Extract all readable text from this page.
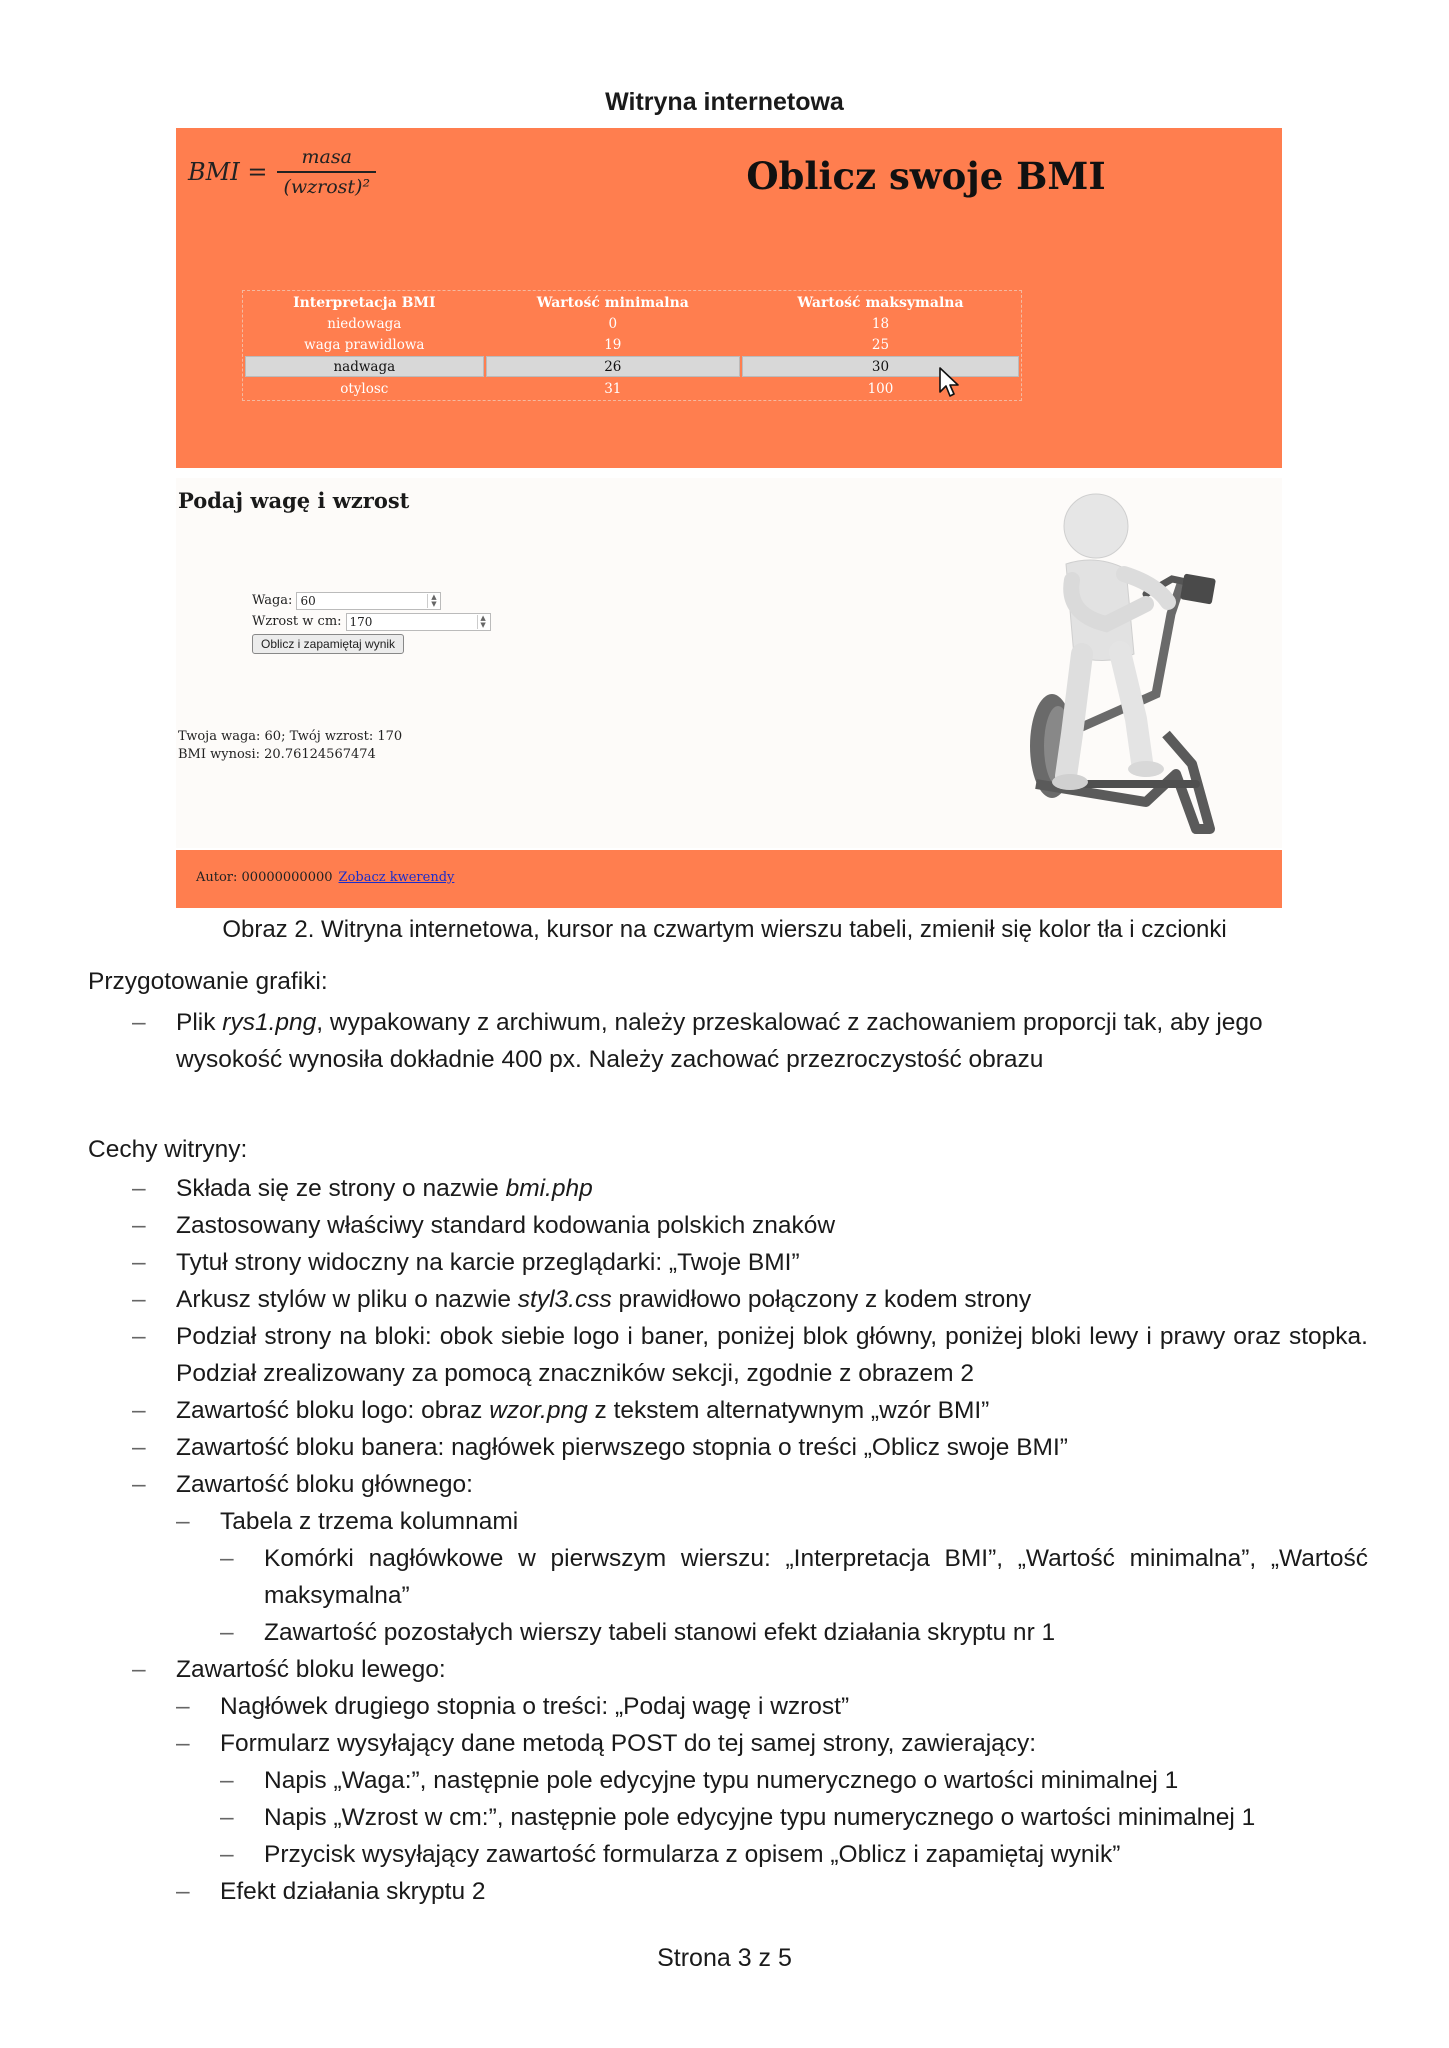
Witryna internetowa
BMI = $\frac{\text{masa}}{\text{(wzrost)²}}$	Oblicz swoje BMI
Interpretacja BMI	Wartość minimalna	Wartość maksymalna
niedowaga	0	18
waga prawidlowa	19	25
nadwaga	26	30
otylosc	31	100
Podaj wagę i wzrost
Waga: 60	▲
▼
Wzrost w cm: 170	▲
▼
Oblicz i zapamiętaj wynik
Twoja waga: 60; Twój wzrost: 170
BMI wynosi: 20.76124567474
Autor: 00000000000 Zobacz kwerendy
Obraz 2. Witryna internetowa, kursor na czwartym wierszu tabeli, zmienił się kolor tła i czcionki
Przygotowanie grafiki:
– Plik rys1.png, wypakowany z archiwum, należy przeskalować z zachowaniem proporcji tak, aby jego wysokość wynosiła dokładnie 400 px. Należy zachować przezroczystość obrazu
Cechy witryny:
– Składa się ze strony o nazwie bmi.php
– Zastosowany właściwy standard kodowania polskich znaków
– Tytuł strony widoczny na karcie przeglądarki: „Twoje BMI”
– Arkusz stylów w pliku o nazwie styl3.css prawidłowo połączony z kodem strony
– Podział strony na bloki: obok siebie logo i baner, poniżej blok główny, poniżej bloki lewy i prawy oraz stopka. Podział zrealizowany za pomocą znaczników sekcji, zgodnie z obrazem 2
– Zawartość bloku logo: obraz wzor.png z tekstem alternatywnym „wzór BMI”
– Zawartość bloku banera: nagłówek pierwszego stopnia o treści „Oblicz swoje BMI”
– Zawartość bloku głównego:
– Tabela z trzema kolumnami
– Komórki nagłówkowe w pierwszym wierszu: „Interpretacja BMI”, „Wartość minimalna”, „Wartość maksymalna”
– Zawartość pozostałych wierszy tabeli stanowi efekt działania skryptu nr 1
– Zawartość bloku lewego:
– Nagłówek drugiego stopnia o treści: „Podaj wagę i wzrost”
– Formularz wysyłający dane metodą POST do tej samej strony, zawierający:
– Napis „Waga:”, następnie pole edycyjne typu numerycznego o wartości minimalnej 1
– Napis „Wzrost w cm:”, następnie pole edycyjne typu numerycznego o wartości minimalnej 1
– Przycisk wysyłający zawartość formularza z opisem „Oblicz i zapamiętaj wynik”
– Efekt działania skryptu 2
Strona 3 z 5
